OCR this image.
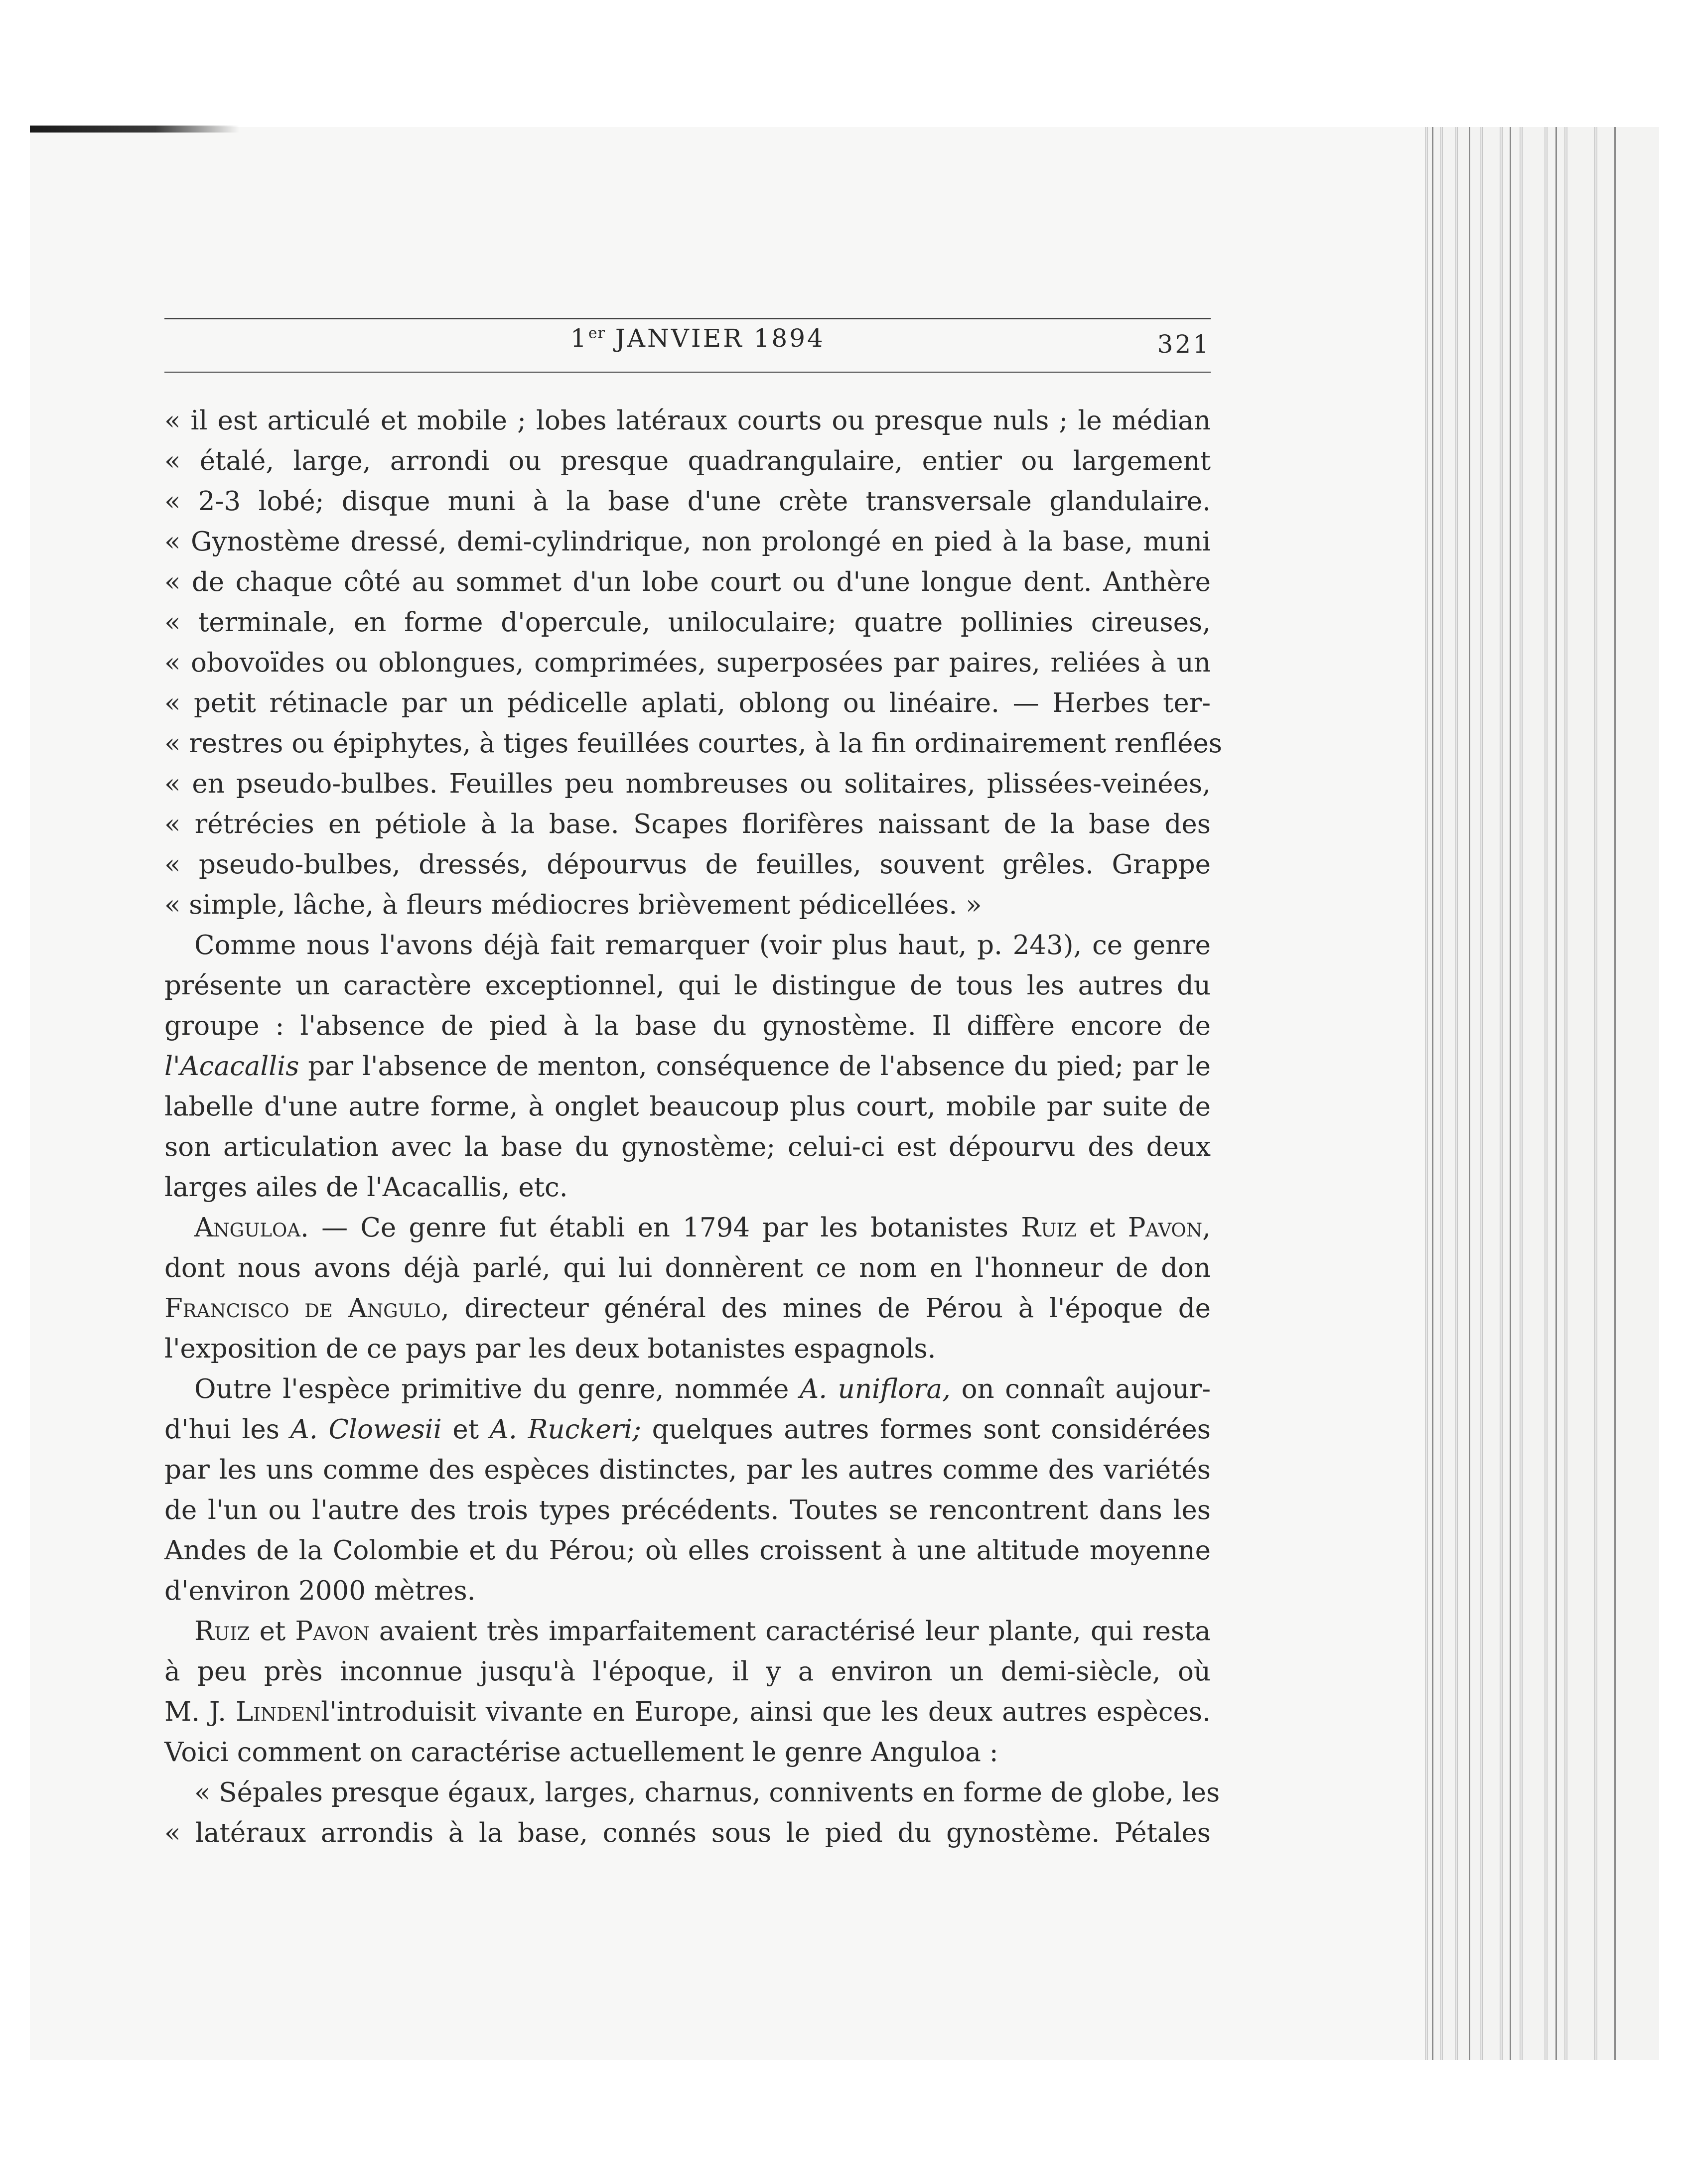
1er JANVIER 1894	321
« il est articulé et mobile ; lobes latéraux courts ou presque nuls ; le médian
« étalé, large, arrondi ou presque quadrangulaire, entier ou largement
« 2-3 lobé; disque muni à la base d'une crète transversale glandulaire.
« Gynostème dressé, demi-cylindrique, non prolongé en pied à la base, muni
« de chaque côté au sommet d'un lobe court ou d'une longue dent. Anthère
« terminale, en forme d'opercule, uniloculaire; quatre pollinies cireuses,
« obovoïdes ou oblongues, comprimées, superposées par paires, reliées à un
« petit rétinacle par un pédicelle aplati, oblong ou linéaire. — Herbes ter-
« restres ou épiphytes, à tiges feuillées courtes, à la fin ordinairement renflées
« en pseudo-bulbes. Feuilles peu nombreuses ou solitaires, plissées-veinées,
« rétrécies en pétiole à la base. Scapes florifères naissant de la base des
« pseudo-bulbes, dressés, dépourvus de feuilles, souvent grêles. Grappe
« simple, lâche, à fleurs médiocres brièvement pédicellées. »
Comme nous l'avons déjà fait remarquer (voir plus haut, p. 243), ce genre
présente un caractère exceptionnel, qui le distingue de tous les autres du
groupe : l'absence de pied à la base du gynostème. Il diffère encore de
l'Acacallis par l'absence de menton, conséquence de l'absence du pied; par le
labelle d'une autre forme, à onglet beaucoup plus court, mobile par suite de
son articulation avec la base du gynostème; celui-ci est dépourvu des deux
larges ailes de l'Acacallis, etc.
Anguloa. — Ce genre fut établi en 1794 par les botanistes Ruiz et Pavon,
dont nous avons déjà parlé, qui lui donnèrent ce nom en l'honneur de don
Francisco de Angulo, directeur général des mines de Pérou à l'époque de
l'exposition de ce pays par les deux botanistes espagnols.
Outre l'espèce primitive du genre, nommée A. uniflora, on connaît aujour-
d'hui les A. Clowesii et A. Ruckeri; quelques autres formes sont considérées
par les uns comme des espèces distinctes, par les autres comme des variétés
de l'un ou l'autre des trois types précédents. Toutes se rencontrent dans les
Andes de la Colombie et du Pérou; où elles croissent à une altitude moyenne
d'environ 2000 mètres.
Ruiz et Pavon avaient très imparfaitement caractérisé leur plante, qui resta
à peu près inconnue jusqu'à l'époque, il y a environ un demi-siècle, où
M. J. Lindenl'introduisit vivante en Europe, ainsi que les deux autres espèces.
Voici comment on caractérise actuellement le genre Anguloa :
« Sépales presque égaux, larges, charnus, connivents en forme de globe, les
« latéraux arrondis à la base, connés sous le pied du gynostème. Pétales
